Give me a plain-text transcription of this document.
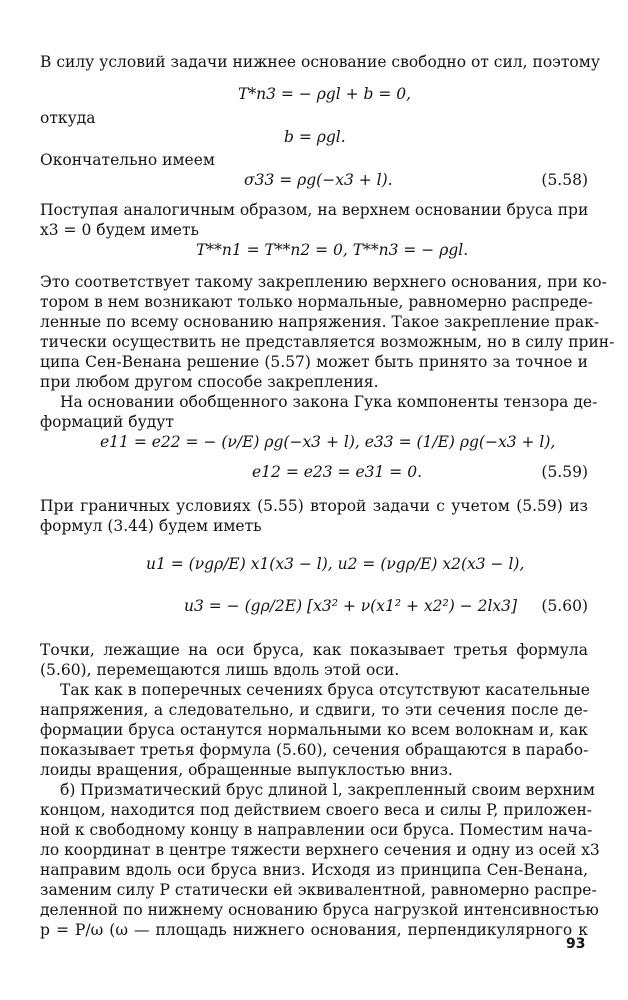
В силу условий задачи нижнее основание свободно от сил, поэтому
T*n3 = − ρgl + b = 0,
откуда
b = ρgl.
Окончательно имеем
σ33 = ρg(−x3 + l).	(5.58)
Поступая аналогичным образом, на верхнем основании бруса при
x3 = 0 будем иметь
T**n1 = T**n2 = 0, T**n3 = − ρgl.
Это соответствует такому закреплению верхнего основания, при ко-
тором в нем возникают только нормальные, равномерно распреде-
ленные по всему основанию напряжения. Такое закрепление прак-
тически осуществить не представляется возможным, но в силу прин-
ципа Сен-Венана решение (5.57) может быть принято за точное и
при любом другом способе закрепления.
На основании обобщенного закона Гука компоненты тензора де-
формаций будут
e11 = e22 = − (ν/E) ρg(−x3 + l), e33 = (1/E) ρg(−x3 + l),
e12 = e23 = e31 = 0.	(5.59)
При граничных условиях (5.55) второй задачи с учетом (5.59) из
формул (3.44) будем иметь
u1 = (νgρ/E) x1(x3 − l), u2 = (νgρ/E) x2(x3 − l),
u3 = − (gρ/2E) [x3² + ν(x1² + x2²) − 2lx3] (5.60)
Точки, лежащие на оси бруса, как показывает третья формула
(5.60), перемещаются лишь вдоль этой оси.
Так как в поперечных сечениях бруса отсутствуют касательные
напряжения, а следовательно, и сдвиги, то эти сечения после де-
формации бруса останутся нормальными ко всем волокнам и, как
показывает третья формула (5.60), сечения обращаются в парабо-
лоиды вращения, обращенные выпуклостью вниз.
б) Призматический брус длиной l, закрепленный своим верхним
концом, находится под действием своего веса и силы P, приложен-
ной к свободному концу в направлении оси бруса. Поместим нача-
ло координат в центре тяжести верхнего сечения и одну из осей x3
направим вдоль оси бруса вниз. Исходя из принципа Сен-Венана,
заменим силу P статически ей эквивалентной, равномерно распре-
деленной по нижнему основанию бруса нагрузкой интенсивностью
p = P/ω (ω — площадь нижнего основания, перпендикулярного к
93
